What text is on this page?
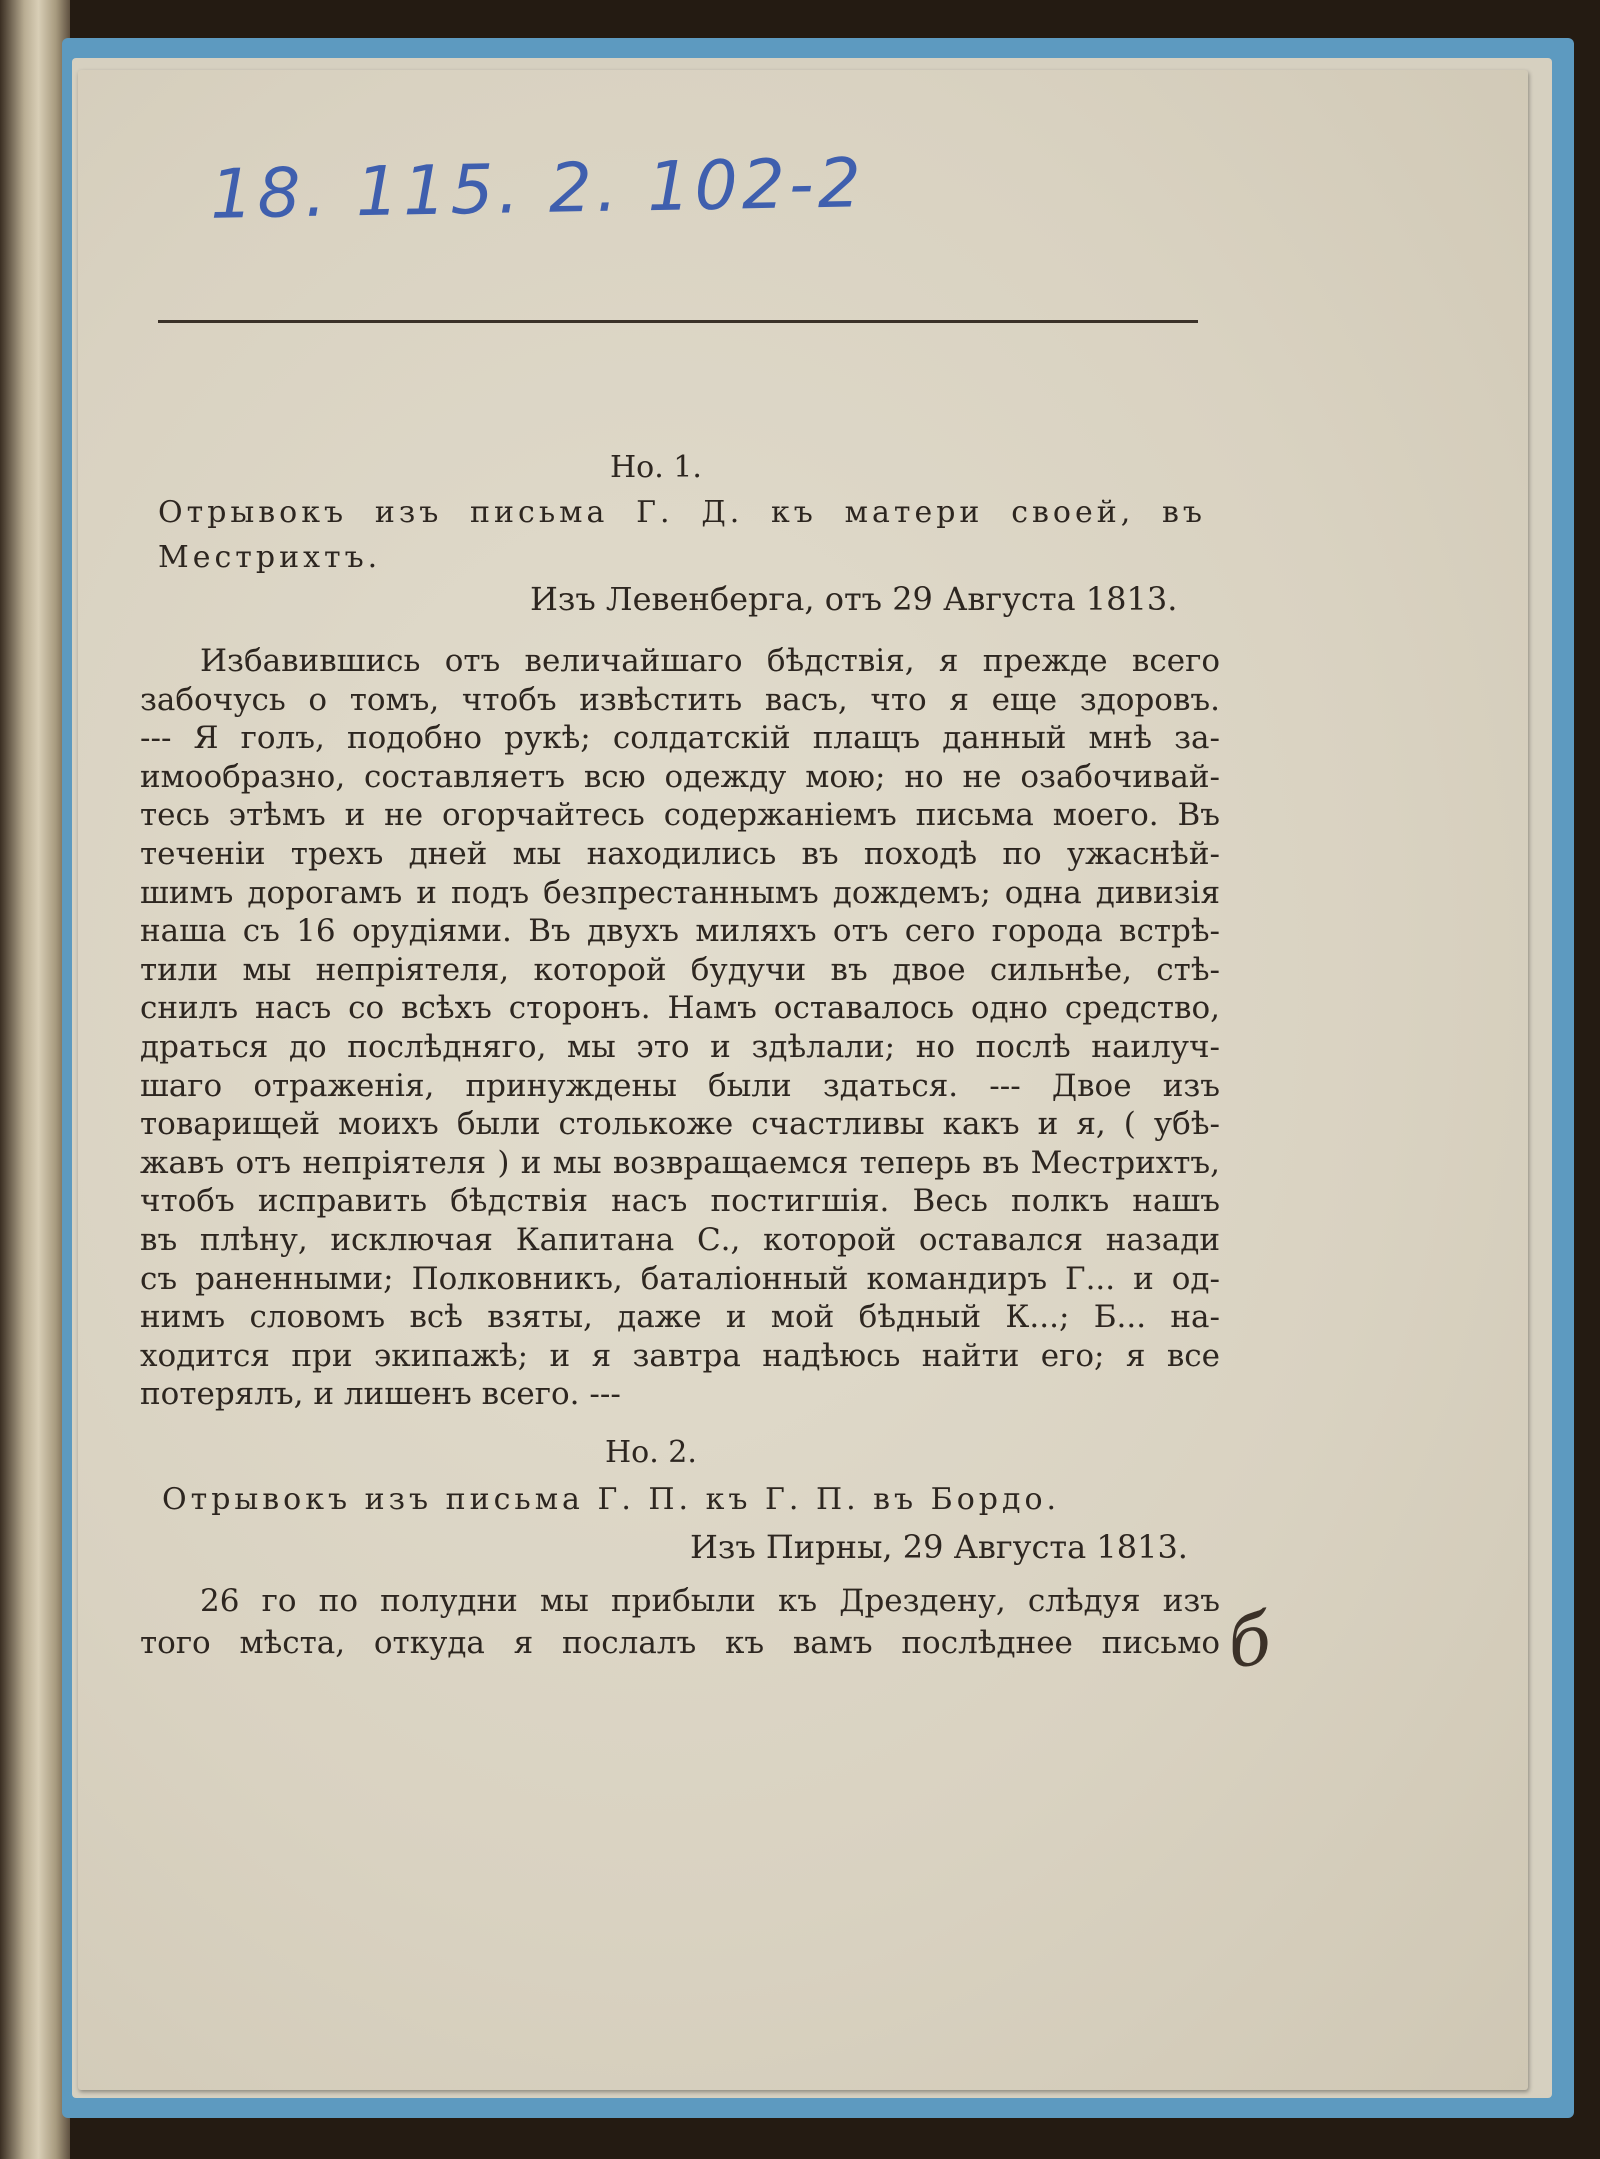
18. 115. 2. 102-2
Но. 1.
Отрывокъ изъ письма Г. Д. къ матери своей, въ
Местрихтъ.
Изъ Левенберга, отъ 29 Августа 1813.
Избавившись отъ величайшаго бѣдствія, я прежде всего
забочусь о томъ, чтобъ извѣстить васъ, что я еще здоровъ.
--- Я голъ, подобно рукѣ; солдатскій плащъ данный мнѣ за-
имообразно, составляетъ всю одежду мою; но не озабочивай-
тесь этѣмъ и не огорчайтесь содержаніемъ письма моего. Въ
теченіи трехъ дней мы находились въ походѣ по ужаснѣй-
шимъ дорогамъ и подъ безпрестаннымъ дождемъ; одна дивизія
наша съ 16 орудіями. Въ двухъ миляхъ отъ сего города встрѣ-
тили мы непріятеля, которой будучи въ двое сильнѣе, стѣ-
снилъ насъ со всѣхъ сторонъ. Намъ оставалось одно средство,
драться до послѣдняго, мы это и здѣлали; но послѣ наилуч-
шаго отраженія, принуждены были здаться. --- Двое изъ
товарищей моихъ были столькоже счастливы какъ и я, ( убѣ-
жавъ отъ непріятеля ) и мы возвращаемся теперь въ Местрихтъ,
чтобъ исправить бѣдствія насъ постигшія. Весь полкъ нашъ
въ плѣну, исключая Капитана С., которой оставался назади
съ раненными; Полковникъ, баталіонный командиръ Г... и од-
нимъ словомъ всѣ взяты, даже и мой бѣдный К...; Б... на-
ходится при экипажѣ; и я завтра надѣюсь найти его; я все
потерялъ, и лишенъ всего. ---
Но. 2.
Отрывокъ изъ письма Г. П. къ Г. П. въ Бордо.
Изъ Пирны, 29 Августа 1813.
26 го по полудни мы прибыли къ Дрездену, слѣдуя изъ
того мѣста, откуда я послалъ къ вамъ послѣднее письмо б
